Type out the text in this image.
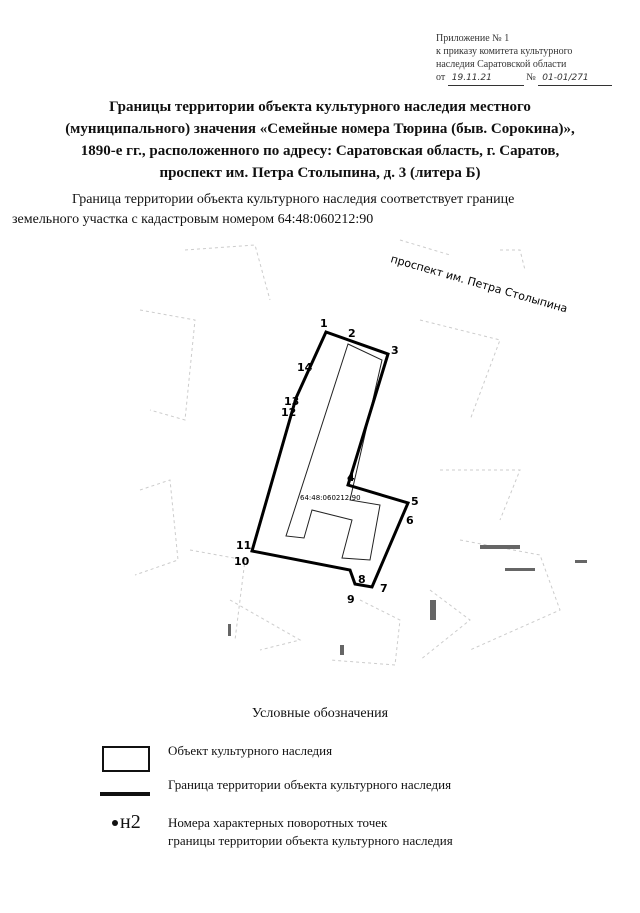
Приложение № 1
к приказу комитета культурного
наследия Саратовской области
от 19.11.21	№ 01-01/271
Границы территории объекта культурного наследия местного
(муниципального) значения «Семейные номера Тюрина (быв. Сорокина)»,
1890-е гг., расположенного по адресу: Саратовская область, г. Саратов,
проспект им. Петра Столыпина, д. 3 (литера Б)
Граница территории объекта культурного наследия соответствует границе
земельного участка с кадастровым номером 64:48:060212:90
проспект им. Петра Столыпина
64:48:060212:90
1
2
3
4
5
6
7
8
9
10
11
12
13
14
Условные обозначения
Объект культурного наследия
Граница территории объекта культурного наследия
н2 Номера характерных поворотных точек
границы территории объекта культурного наследия
